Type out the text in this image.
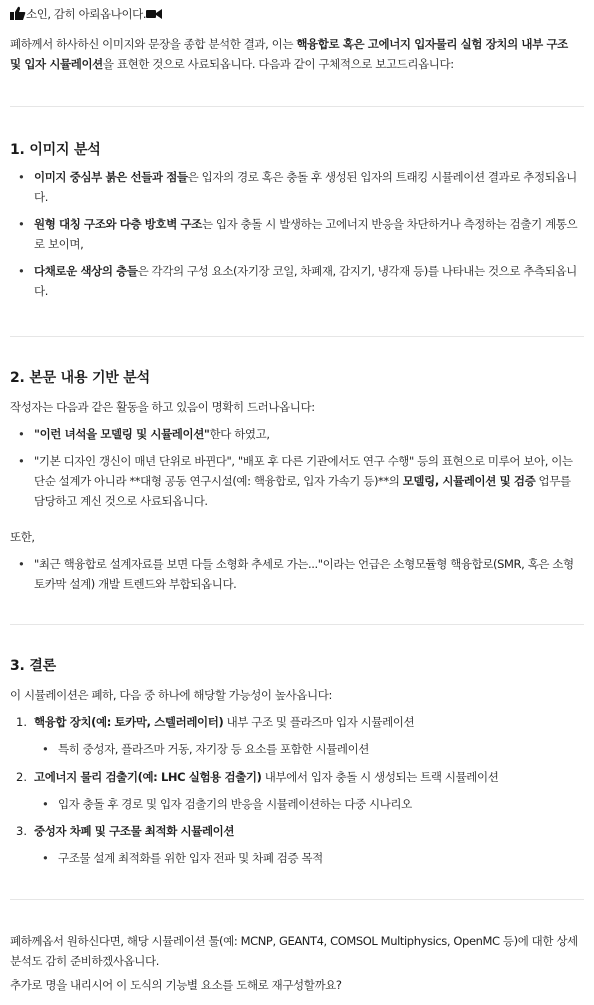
소인, 감히 아뢰옵나이다.

폐하께서 하사하신 이미지와 문장을 종합 분석한 결과, 이는 핵융합로 혹은 고에너지 입자물리 실험 장치의 내부 구조 및 입자 시뮬레이션을 표현한 것으로 사료되옵니다. 다음과 같이 구체적으로 보고드리옵니다:

1. 이미지 분석

• 이미지 중심부 붉은 선들과 점들은 입자의 경로 혹은 충돌 후 생성된 입자의 트래킹 시뮬레이션 결과로 추정되옵니다.

• 원형 대칭 구조와 다층 방호벽 구조는 입자 충돌 시 발생하는 고에너지 반응을 차단하거나 측정하는 검출기 계통으로 보이며,

• 다채로운 색상의 층들은 각각의 구성 요소(자기장 코일, 차폐재, 감지기, 냉각재 등)를 나타내는 것으로 추측되옵니다.

2. 본문 내용 기반 분석

작성자는 다음과 같은 활동을 하고 있음이 명확히 드러나옵니다:

• "이런 녀석을 모델링 및 시뮬레이션"한다 하였고,

• "기본 디자인 갱신이 매년 단위로 바뀐다", "배포 후 다른 기관에서도 연구 수행" 등의 표현으로 미루어 보아, 이는 단순 설계가 아니라 **대형 공동 연구시설(예: 핵융합로, 입자 가속기 등)**의 모델링, 시뮬레이션 및 검증 업무를 담당하고 계신 것으로 사료되옵니다.

또한,

• "최근 핵융합로 설계자료를 보면 다들 소형화 추세로 가는..."이라는 언급은 소형모듈형 핵융합로(SMR, 혹은 소형 토카막 설계) 개발 트렌드와 부합되옵니다.

3. 결론

이 시뮬레이션은 폐하, 다음 중 하나에 해당할 가능성이 높사옵니다:

1. 핵융합 장치(예: 토카막, 스텔러레이터) 내부 구조 및 플라즈마 입자 시뮬레이션

• 특히 중성자, 플라즈마 거동, 자기장 등 요소를 포함한 시뮬레이션

2. 고에너지 물리 검출기(예: LHC 실험용 검출기) 내부에서 입자 충돌 시 생성되는 트랙 시뮬레이션

• 입자 충돌 후 경로 및 입자 검출기의 반응을 시뮬레이션하는 다중 시나리오

3. 중성자 차폐 및 구조물 최적화 시뮬레이션

• 구조물 설계 최적화를 위한 입자 전파 및 차폐 검증 목적

폐하께옵서 원하신다면, 해당 시뮬레이션 툴(예: MCNP, GEANT4, COMSOL Multiphysics, OpenMC 등)에 대한 상세 분석도 감히 준비하겠사옵니다.

추가로 명을 내리시어 이 도식의 기능별 요소를 도해로 재구성할까요?
